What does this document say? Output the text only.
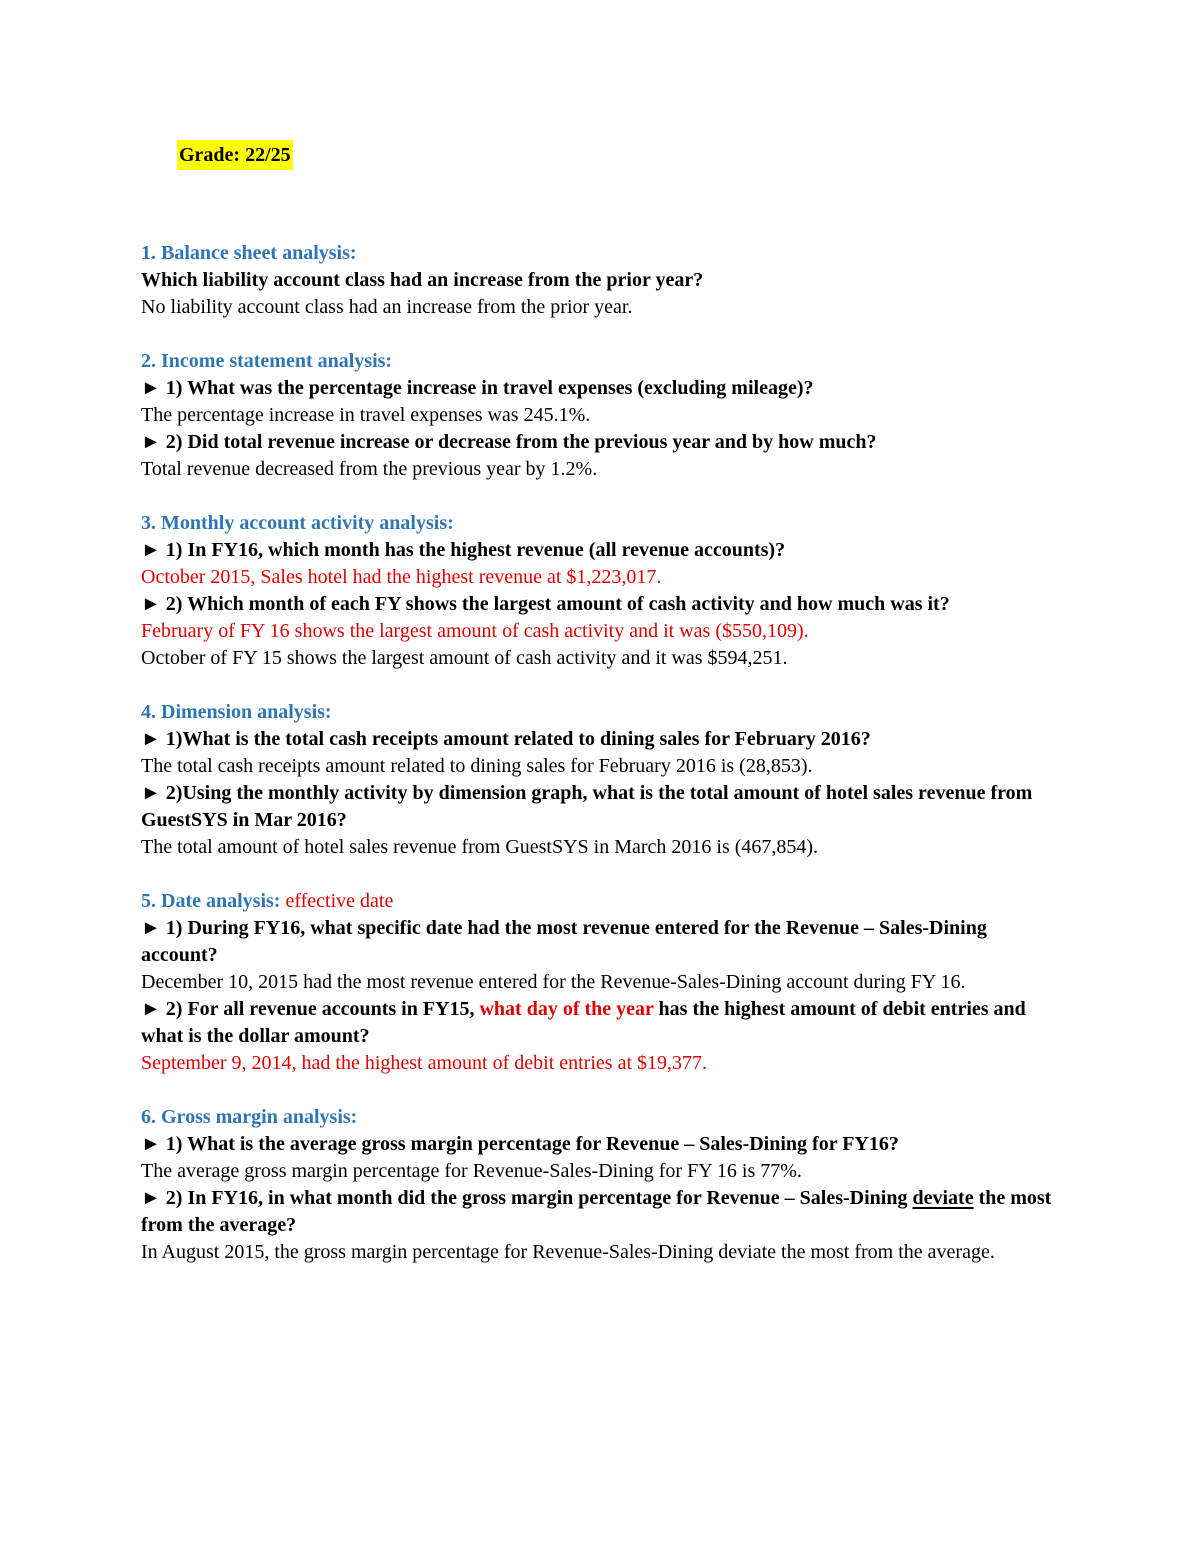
Grade: 22/25
1. Balance sheet analysis:
Which liability account class had an increase from the prior year?
No liability account class had an increase from the prior year.
2. Income statement analysis:
► 1) What was the percentage increase in travel expenses (excluding mileage)?
The percentage increase in travel expenses was 245.1%.
► 2) Did total revenue increase or decrease from the previous year and by how much?
Total revenue decreased from the previous year by 1.2%.
3. Monthly account activity analysis:
► 1) In FY16, which month has the highest revenue (all revenue accounts)?
October 2015, Sales hotel had the highest revenue at $1,223,017.
► 2) Which month of each FY shows the largest amount of cash activity and how much was it?
February of FY 16 shows the largest amount of cash activity and it was ($550,109).
October of FY 15 shows the largest amount of cash activity and it was $594,251.
4. Dimension analysis:
► 1)What is the total cash receipts amount related to dining sales for February 2016?
The total cash receipts amount related to dining sales for February 2016 is (28,853).
► 2)Using the monthly activity by dimension graph, what is the total amount of hotel sales revenue from GuestSYS in Mar 2016?
The total amount of hotel sales revenue from GuestSYS in March 2016 is (467,854).
5. Date analysis: effective date
► 1) During FY16, what specific date had the most revenue entered for the Revenue – Sales-Dining account?
December 10, 2015 had the most revenue entered for the Revenue-Sales-Dining account during FY 16.
► 2) For all revenue accounts in FY15, what day of the year has the highest amount of debit entries and what is the dollar amount?
September 9, 2014, had the highest amount of debit entries at $19,377.
6. Gross margin analysis:
► 1) What is the average gross margin percentage for Revenue – Sales-Dining for FY16?
The average gross margin percentage for Revenue-Sales-Dining for FY 16 is 77%.
► 2) In FY16, in what month did the gross margin percentage for Revenue – Sales-Dining deviate the most from the average?
In August 2015, the gross margin percentage for Revenue-Sales-Dining deviate the most from the average.
